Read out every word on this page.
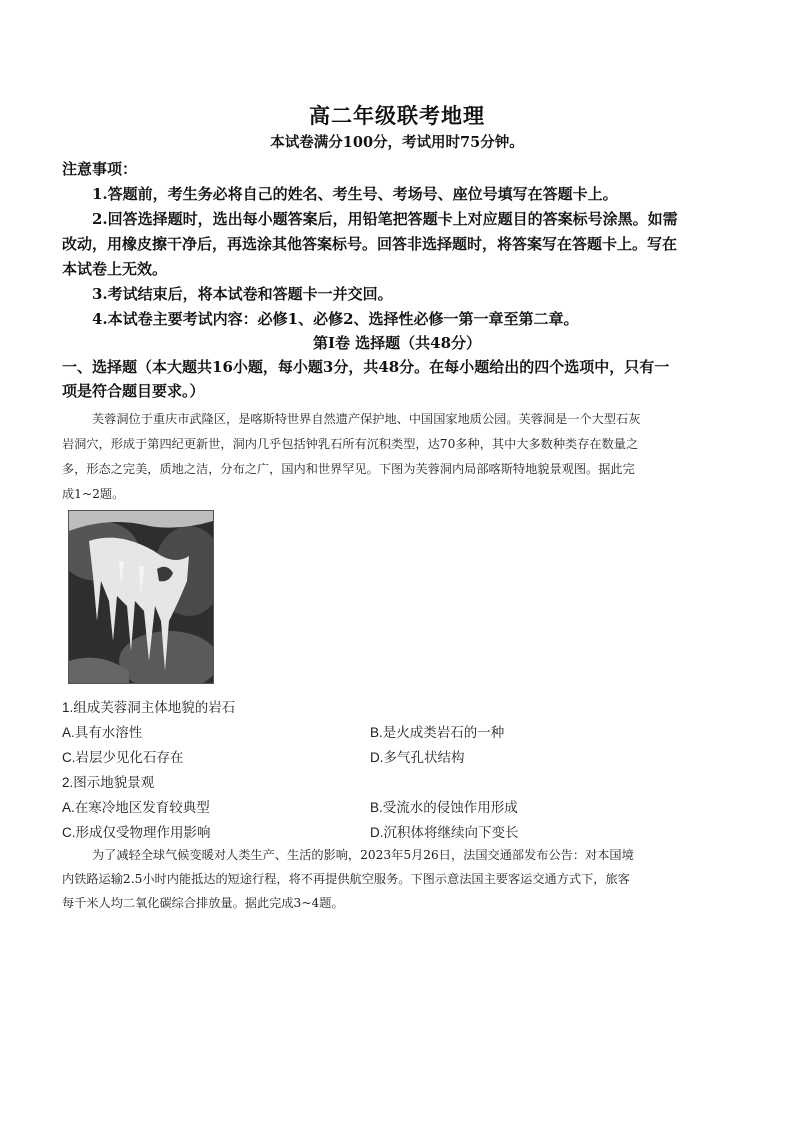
高二年级联考地理
本试卷满分100分，考试用时75分钟。
注意事项：
1.答题前，考生务必将自己的姓名、考生号、考场号、座位号填写在答题卡上。
2.回答选择题时，选出每小题答案后，用铅笔把答题卡上对应题目的答案标号涂黑。如需
改动，用橡皮擦干净后，再选涂其他答案标号。回答非选择题时，将答案写在答题卡上。写在
本试卷上无效。
3.考试结束后，将本试卷和答题卡一并交回。
4.本试卷主要考试内容：必修1、必修2、选择性必修一第一章至第二章。
第Ⅰ卷 选择题（共48分）
一、选择题（本大题共16小题，每小题3分，共48分。在每小题给出的四个选项中，只有一
项是符合题目要求。）
芙蓉洞位于重庆市武隆区，是喀斯特世界自然遗产保护地、中国国家地质公园。芙蓉洞是一个大型石灰
岩洞穴，形成于第四纪更新世，洞内几乎包括钟乳石所有沉积类型，达70多种，其中大多数种类存在数量之
多，形态之完美，质地之洁，分布之广，国内和世界罕见。下图为芙蓉洞内局部喀斯特地貌景观图。据此完
成1~2题。
1.组成芙蓉洞主体地貌的岩石
A.具有水溶性	B.是火成类岩石的一种
C.岩层少见化石存在	D.多气孔状结构
2.图示地貌景观
A.在寒冷地区发育较典型	B.受流水的侵蚀作用形成
C.形成仅受物理作用影响	D.沉积体将继续向下变长
为了减轻全球气候变暖对人类生产、生活的影响，2023年5月26日，法国交通部发布公告：对本国境
内铁路运输2.5小时内能抵达的短途行程，将不再提供航空服务。下图示意法国主要客运交通方式下，旅客
每千米人均二氧化碳综合排放量。据此完成3~4题。
